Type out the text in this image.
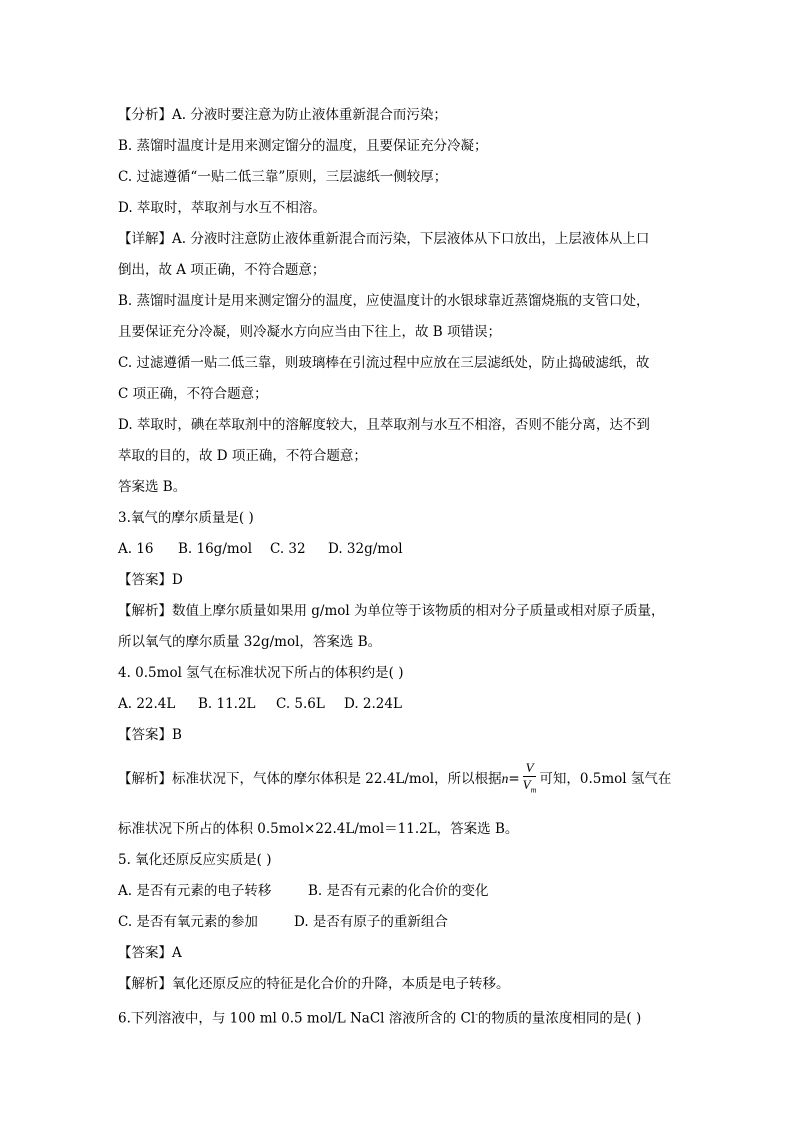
【分析】A. 分液时要注意为防止液体重新混合而污染；
B. 蒸馏时温度计是用来测定馏分的温度，且要保证充分冷凝；
C. 过滤遵循“一贴二低三靠”原则，三层滤纸一侧较厚；
D. 萃取时，萃取剂与水互不相溶。
【详解】A. 分液时注意防止液体重新混合而污染，下层液体从下口放出，上层液体从上口
倒出，故 A 项正确，不符合题意；
B. 蒸馏时温度计是用来测定馏分的温度，应使温度计的水银球靠近蒸馏烧瓶的支管口处，
且要保证充分冷凝，则冷凝水方向应当由下往上，故 B 项错误；
C. 过滤遵循一贴二低三靠，则玻璃棒在引流过程中应放在三层滤纸处，防止捣破滤纸，故
C 项正确，不符合题意；
D. 萃取时，碘在萃取剂中的溶解度较大，且萃取剂与水互不相溶，否则不能分离，达不到
萃取的目的，故 D 项正确，不符合题意；
答案选 B。
3.氧气的摩尔质量是( )
A. 16 B. 16g/mol C. 32 D. 32g/mol
【答案】D
【解析】数值上摩尔质量如果用 g/mol 为单位等于该物质的相对分子质量或相对原子质量，
所以氧气的摩尔质量 32g/mol，答案选 B。
4. 0.5mol 氢气在标准状况下所占的体积约是( )
A. 22.4L B. 11.2L C. 5.6L D. 2.24L
【答案】B
【解析】标准状况下，气体的摩尔体积是 22.4L/mol，所以根据$n= \frac{V}{V_m}$ 可知，0.5mol 氢气在
标准状况下所占的体积 0.5mol×22.4L/mol＝11.2L，答案选 B。
5. 氧化还原反应实质是( )
A. 是否有元素的电子转移	B. 是否有元素的化合价的变化
C. 是否有氧元素的参加	D. 是否有原子的重新组合
【答案】A
【解析】氧化还原反应的特征是化合价的升降，本质是电子转移。
6.下列溶液中，与 100 ml 0.5 mol/L NaCl 溶液所含的 Cl-的物质的量浓度相同的是( )
